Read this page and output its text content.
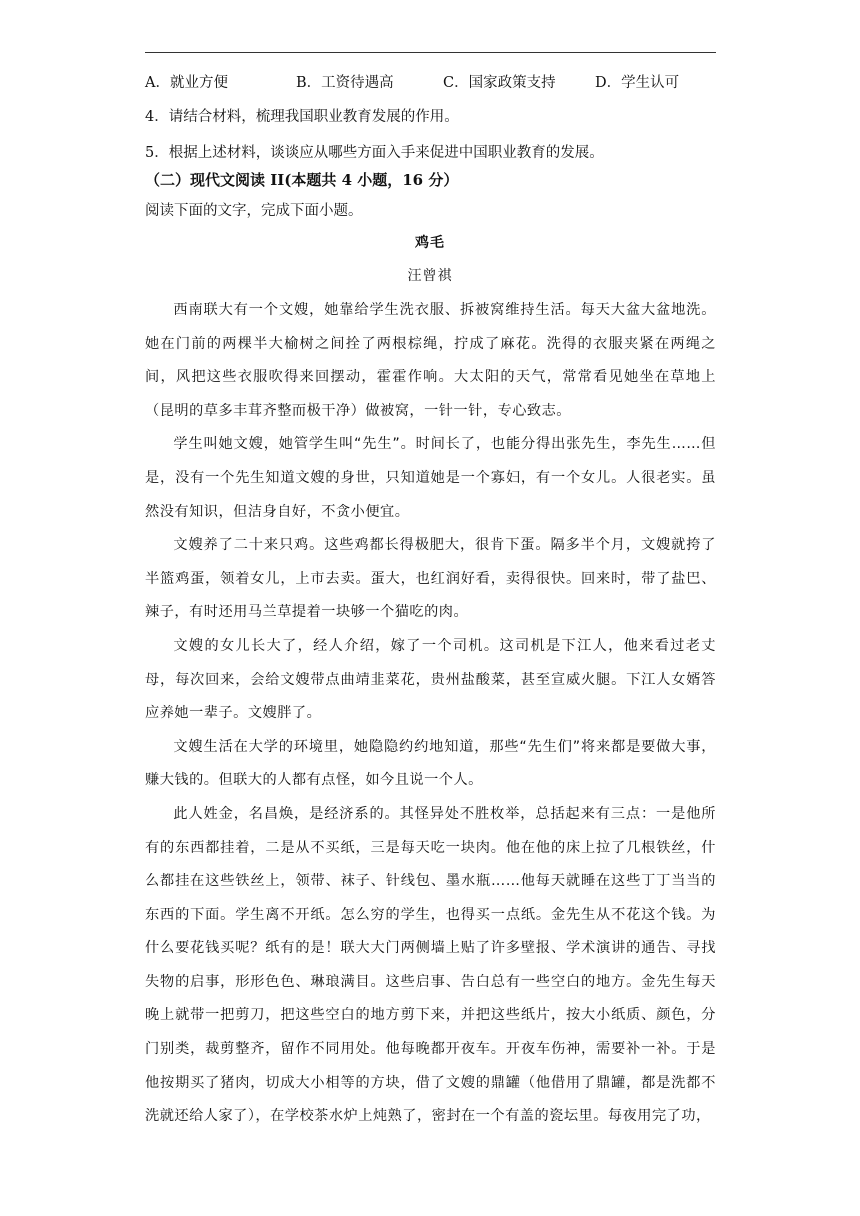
A．就业方便	B．工资待遇高	C．国家政策支持	D．学生认可
4．请结合材料，梳理我国职业教育发展的作用。
5．根据上述材料，谈谈应从哪些方面入手来促进中国职业教育的发展。
（二）现代文阅读 II(本题共 4 小题，16 分）
阅读下面的文字，完成下面小题。
鸡毛
汪曾祺

西南联大有一个文嫂，她靠给学生洗衣服、拆被窝维持生活。每天大盆大盆地洗。她在门前的两棵半大榆树之间拴了两根棕绳，拧成了麻花。洗得的衣服夹紧在两绳之间，风把这些衣服吹得来回摆动，霍霍作响。大太阳的天气，常常看见她坐在草地上（昆明的草多丰茸齐整而极干净）做被窝，一针一针，专心致志。

学生叫她文嫂，她管学生叫“先生”。时间长了，也能分得出张先生，李先生……但是，没有一个先生知道文嫂的身世，只知道她是一个寡妇，有一个女儿。人很老实。虽然没有知识，但洁身自好，不贪小便宜。

文嫂养了二十来只鸡。这些鸡都长得极肥大，很肯下蛋。隔多半个月，文嫂就挎了半篮鸡蛋，领着女儿，上市去卖。蛋大，也红润好看，卖得很快。回来时，带了盐巴、辣子，有时还用马兰草提着一块够一个猫吃的肉。

文嫂的女儿长大了，经人介绍，嫁了一个司机。这司机是下江人，他来看过老丈母，每次回来，会给文嫂带点曲靖韭菜花，贵州盐酸菜，甚至宣威火腿。下江人女婿答应养她一辈子。文嫂胖了。

文嫂生活在大学的环境里，她隐隐约约地知道，那些“先生们”将来都是要做大事，赚大钱的。但联大的人都有点怪，如今且说一个人。

此人姓金，名昌焕，是经济系的。其怪异处不胜枚举，总括起来有三点：一是他所有的东西都挂着，二是从不买纸，三是每天吃一块肉。他在他的床上拉了几根铁丝，什么都挂在这些铁丝上，领带、袜子、针线包、墨水瓶……他每天就睡在这些丁丁当当的东西的下面。学生离不开纸。怎么穷的学生，也得买一点纸。金先生从不花这个钱。为什么要花钱买呢？纸有的是！联大大门两侧墙上贴了许多壁报、学术演讲的通告、寻找失物的启事，形形色色、琳琅满目。这些启事、告白总有一些空白的地方。金先生每天晚上就带一把剪刀，把这些空白的地方剪下来，并把这些纸片，按大小纸质、颜色，分门别类，裁剪整齐，留作不同用处。他每晚都开夜车。开夜车伤神，需要补一补。于是他按期买了猪肉，切成大小相等的方块，借了文嫂的鼎罐（他借用了鼎罐，都是洗都不洗就还给人家了），在学校茶水炉上炖熟了，密封在一个有盖的瓷坛里。每夜用完了功，
